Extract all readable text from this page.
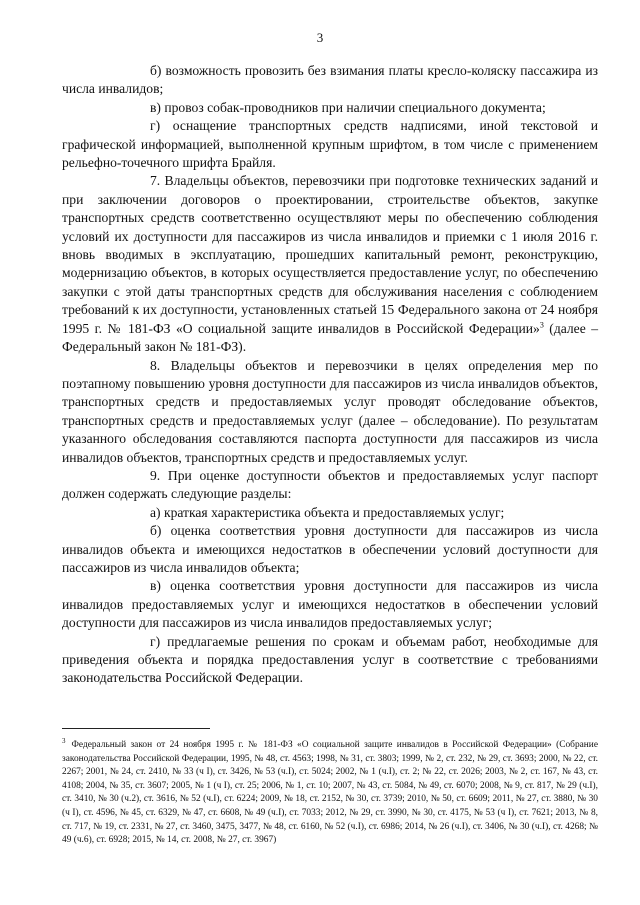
3

б) возможность провозить без взимания платы кресло-коляску пассажира из числа инвалидов;

в) провоз собак-проводников при наличии специального документа;

г) оснащение транспортных средств надписями, иной текстовой и графической информацией, выполненной крупным шрифтом, в том числе с применением рельефно-точечного шрифта Брайля.

7. Владельцы объектов, перевозчики при подготовке технических заданий и при заключении договоров о проектировании, строительстве объектов, закупке транспортных средств соответственно осуществляют меры по обеспечению соблюдения условий их доступности для пассажиров из числа инвалидов и приемки с 1 июля 2016 г. вновь вводимых в эксплуатацию, прошедших капитальный ремонт, реконструкцию, модернизацию объектов, в которых осуществляется предоставление услуг, по обеспечению закупки с этой даты транспортных средств для обслуживания населения с соблюдением требований к их доступности, установленных статьей 15 Федерального закона от 24 ноября 1995 г. № 181-ФЗ «О социальной защите инвалидов в Российской Федерации»$^3$ (далее – Федеральный закон № 181-ФЗ).

8. Владельцы объектов и перевозчики в целях определения мер по поэтапному повышению уровня доступности для пассажиров из числа инвалидов объектов, транспортных средств и предоставляемых услуг проводят обследование объектов, транспортных средств и предоставляемых услуг (далее – обследование). По результатам указанного обследования составляются паспорта доступности для пассажиров из числа инвалидов объектов, транспортных средств и предоставляемых услуг.

9. При оценке доступности объектов и предоставляемых услуг паспорт должен содержать следующие разделы:

а) краткая характеристика объекта и предоставляемых услуг;

б) оценка соответствия уровня доступности для пассажиров из числа инвалидов объекта и имеющихся недостатков в обеспечении условий доступности для пассажиров из числа инвалидов объекта;

в) оценка соответствия уровня доступности для пассажиров из числа инвалидов предоставляемых услуг и имеющихся недостатков в обеспечении условий доступности для пассажиров из числа инвалидов предоставляемых услуг;

г) предлагаемые решения по срокам и объемам работ, необходимые для приведения объекта и порядка предоставления услуг в соответствие с требованиями законодательства Российской Федерации.

$^3$ Федеральный закон от 24 ноября 1995 г. № 181-ФЗ «О социальной защите инвалидов в Российской Федерации» (Собрание законодательства Российской Федерации, 1995, № 48, ст. 4563; 1998, № 31, ст. 3803; 1999, № 2, ст. 232, № 29, ст. 3693; 2000, № 22, ст. 2267; 2001, № 24, ст. 2410, № 33 (ч I), ст. 3426, № 53 (ч.I), ст. 5024; 2002, № 1 (ч.I), ст. 2; № 22, ст. 2026; 2003, № 2, ст. 167, № 43, ст. 4108; 2004, № 35, ст. 3607; 2005, № 1 (ч I), ст. 25; 2006, № 1, ст. 10; 2007, № 43, ст. 5084, № 49, ст. 6070; 2008, № 9, ст. 817, № 29 (ч.I), ст. 3410, № 30 (ч.2), ст. 3616, № 52 (ч.I), ст. 6224; 2009, № 18, ст. 2152, № 30, ст. 3739; 2010, № 50, ст. 6609; 2011, № 27, ст. 3880, № 30 (ч I), ст. 4596, № 45, ст. 6329, № 47, ст. 6608, № 49 (ч.I), ст. 7033; 2012, № 29, ст. 3990, № 30, ст. 4175, № 53 (ч I), ст. 7621; 2013, № 8, ст. 717, № 19, ст. 2331, № 27, ст. 3460, 3475, 3477, № 48, ст. 6160, № 52 (ч.I), ст. 6986; 2014, № 26 (ч.I), ст. 3406, № 30 (ч.I), ст. 4268; № 49 (ч.6), ст. 6928; 2015, № 14, ст. 2008, № 27, ст. 3967)
